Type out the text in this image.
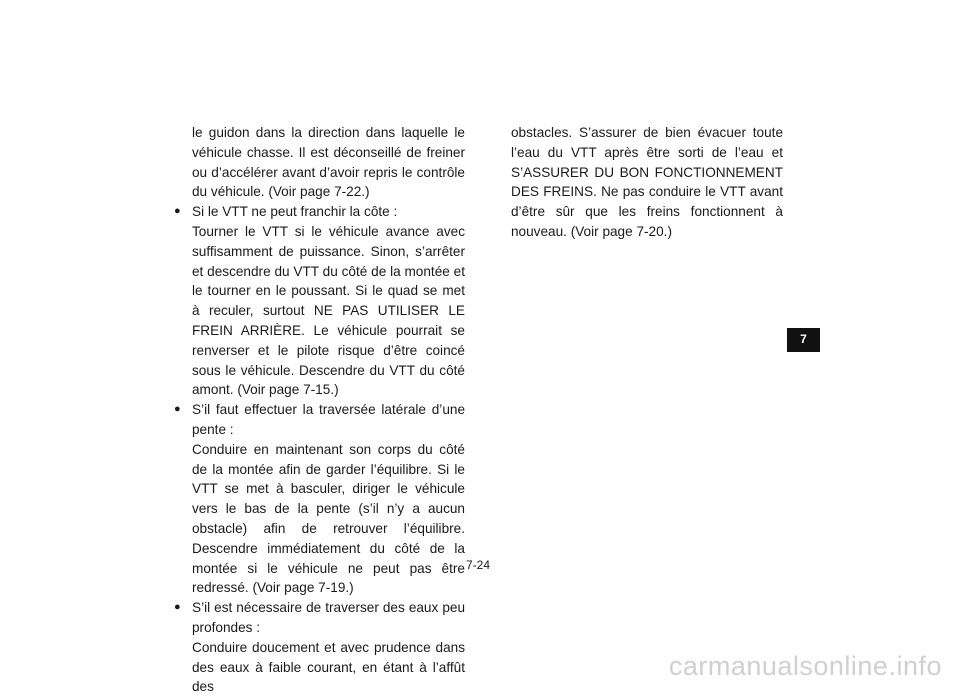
le guidon dans la direction dans laquelle le véhicule chasse. Il est déconseillé de freiner ou d’accélérer avant d’avoir repris le contrôle du véhicule. (Voir page 7-22.)

● Si le VTT ne peut franchir la côte :

Tourner le VTT si le véhicule avance avec suffisamment de puissance. Sinon, s’arrêter et descendre du VTT du côté de la montée et le tourner en le poussant. Si le quad se met à reculer, surtout NE PAS UTILISER LE FREIN ARRIÈRE. Le véhicule pourrait se renverser et le pilote risque d’être coincé sous le véhicule. Descendre du VTT du côté amont. (Voir page 7-15.)

● S’il faut effectuer la traversée latérale d’une pente :

Conduire en maintenant son corps du côté de la montée afin de garder l’équilibre. Si le VTT se met à basculer, diriger le véhicule vers le bas de la pente (s’il n’y a aucun obstacle) afin de retrouver l’équilibre. Descendre immédiatement du côté de la montée si le véhicule ne peut pas être redressé. (Voir page 7-19.)

● S’il est nécessaire de traverser des eaux peu profondes :

Conduire doucement et avec prudence dans des eaux à faible courant, en étant à l’affût des

obstacles. S’assurer de bien évacuer toute l’eau du VTT après être sorti de l’eau et S’ASSURER DU BON FONCTIONNEMENT DES FREINS. Ne pas conduire le VTT avant d’être sûr que les freins fonctionnent à nouveau. (Voir page 7-20.)

7
7-24
carmanualsonline.info
